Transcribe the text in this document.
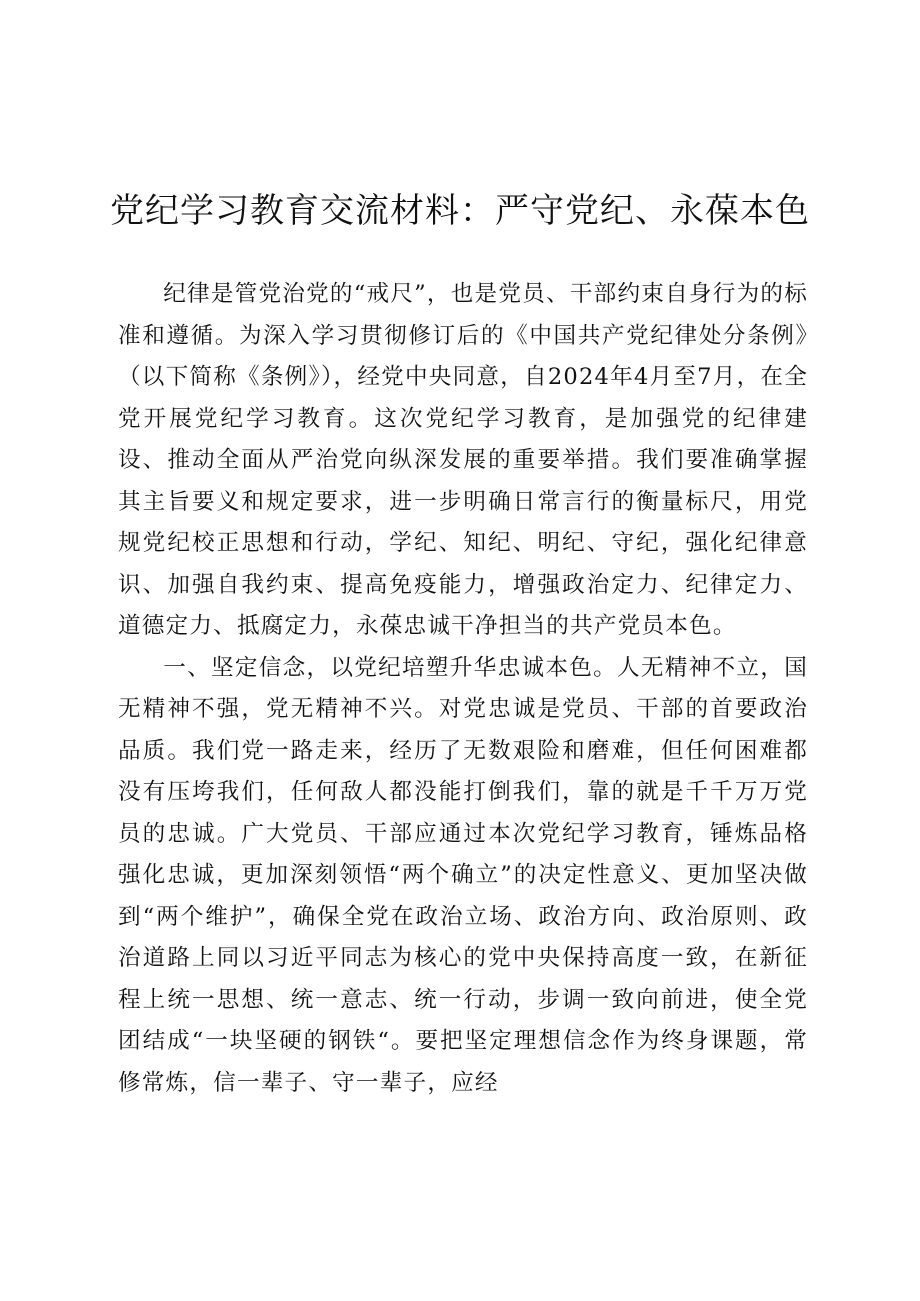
党纪学习教育交流材料：严守党纪、永葆本色

纪律是管党治党的“戒尺”，也是党员、干部约束自身行为的标准和遵循。为深入学习贯彻修订后的《中国共产党纪律处分条例》（以下简称《条例》），经党中央同意，自2024年4月至7月，在全党开展党纪学习教育。这次党纪学习教育，是加强党的纪律建设、推动全面从严治党向纵深发展的重要举措。我们要准确掌握其主旨要义和规定要求，进一步明确日常言行的衡量标尺，用党规党纪校正思想和行动，学纪、知纪、明纪、守纪，强化纪律意识、加强自我约束、提高免疫能力，增强政治定力、纪律定力、道德定力、抵腐定力，永葆忠诚干净担当的共产党员本色。

一、坚定信念，以党纪培塑升华忠诚本色。人无精神不立，国无精神不强，党无精神不兴。对党忠诚是党员、干部的首要政治品质。我们党一路走来，经历了无数艰险和磨难，但任何困难都没有压垮我们，任何敌人都没能打倒我们，靠的就是千千万万党员的忠诚。广大党员、干部应通过本次党纪学习教育，锤炼品格强化忠诚，更加深刻领悟“两个确立”的决定性意义、更加坚决做到“两个维护”，确保全党在政治立场、政治方向、政治原则、政治道路上同以习近平同志为核心的党中央保持高度一致，在新征程上统一思想、统一意志、统一行动，步调一致向前进，使全党团结成“一块坚硬的钢铁“。要把坚定理想信念作为终身课题，常修常炼，信一辈子、守一辈子，应经
